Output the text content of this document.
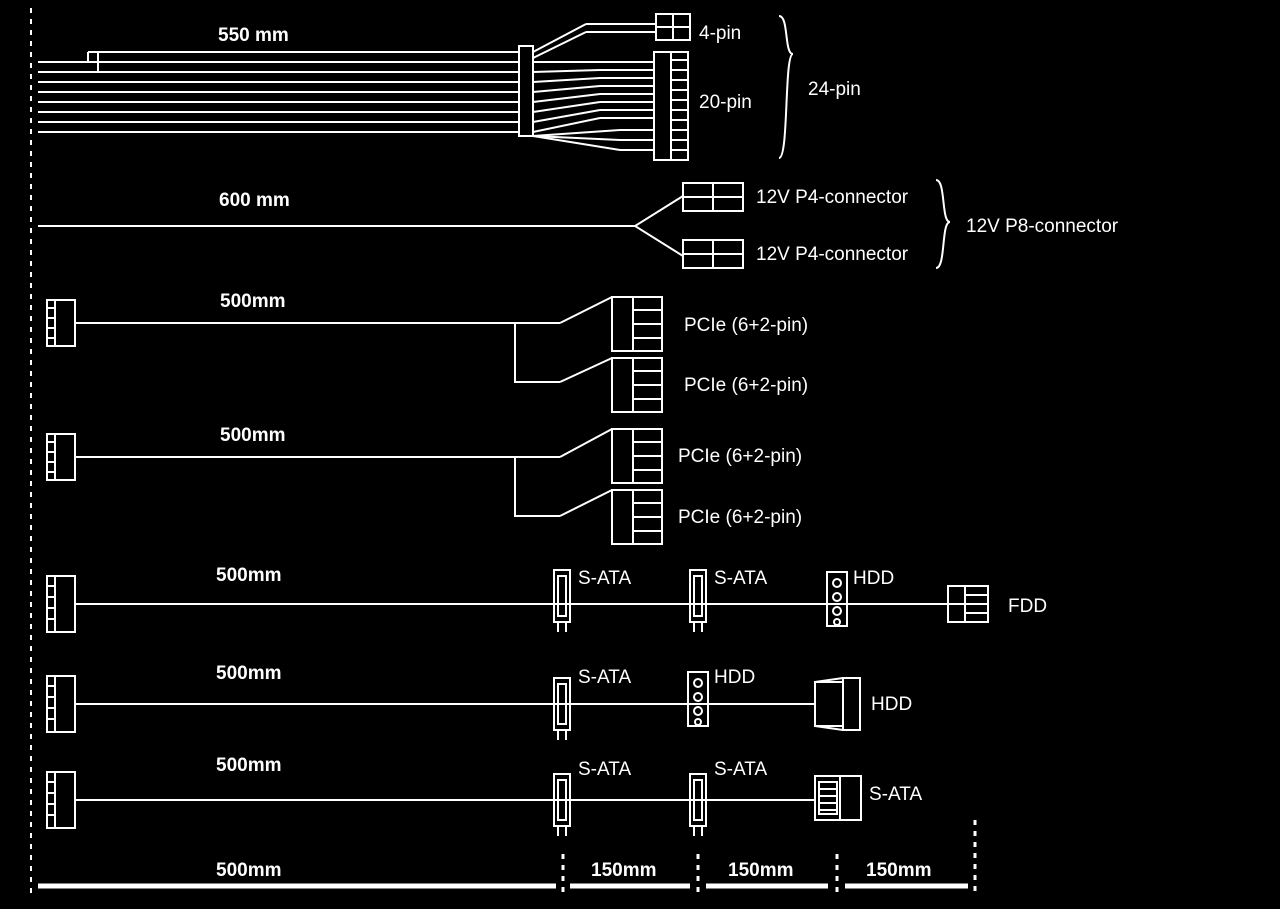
550 mm	4-pin
20-pin
24-pin
600 mm	12V P4-connector
12V P4-connector
12V P8-connector
500mm
PCIe (6+2-pin)
PCIe (6+2-pin)
500mm
PCIe (6+2-pin)
PCIe (6+2-pin)
500mm	S-ATA	S-ATA	HDD
FDD
500mm	S-ATA	HDD
HDD
500mm	S-ATA	S-ATA
S-ATA
500mm	150mm	150mm	150mm
